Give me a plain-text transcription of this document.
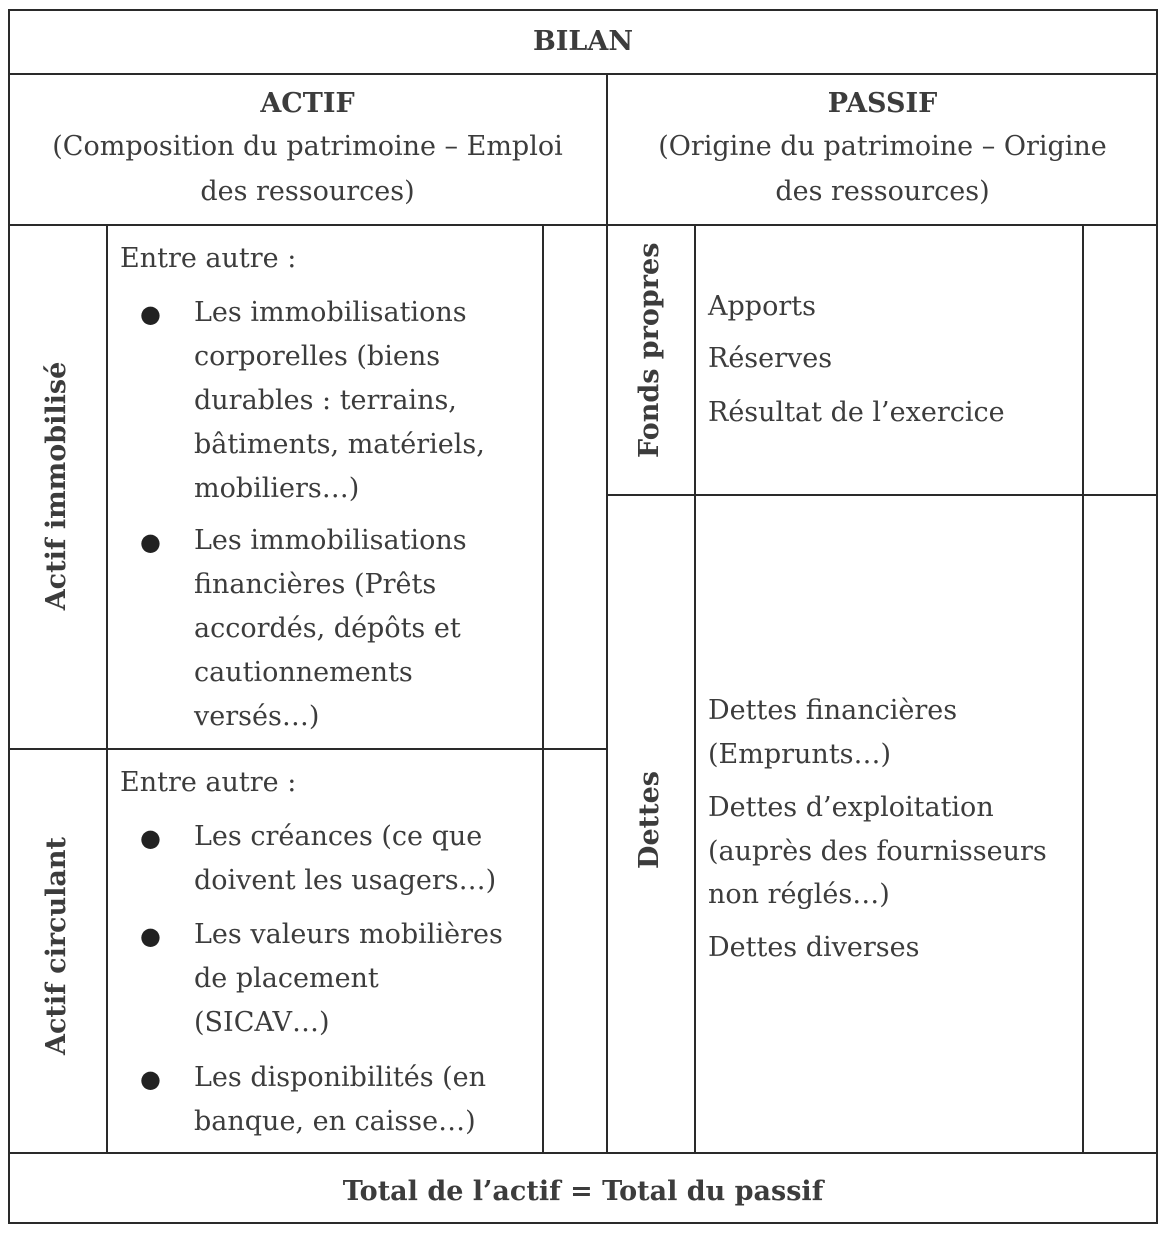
BILAN
ACTIF
(Composition du patrimoine – Emploi
des ressources)
PASSIF
(Origine du patrimoine – Origine
des ressources)
Actif immobilisé
Actif circulant
Fonds propres
Dettes
Entre autre :
● Les immobilisations
corporelles (biens
durables : terrains,
bâtiments, matériels,
mobiliers…)
● Les immobilisations
financières (Prêts
accordés, dépôts et
cautionnements
versés…)
Entre autre :
● Les créances (ce que
doivent les usagers…)
● Les valeurs mobilières
de placement
(SICAV…)
● Les disponibilités (en
banque, en caisse…)
Apports
Réserves
Résultat de l’exercice
Dettes financières
(Emprunts…)
Dettes d’exploitation
(auprès des fournisseurs
non réglés…)
Dettes diverses
Total de l’actif = Total du passif
